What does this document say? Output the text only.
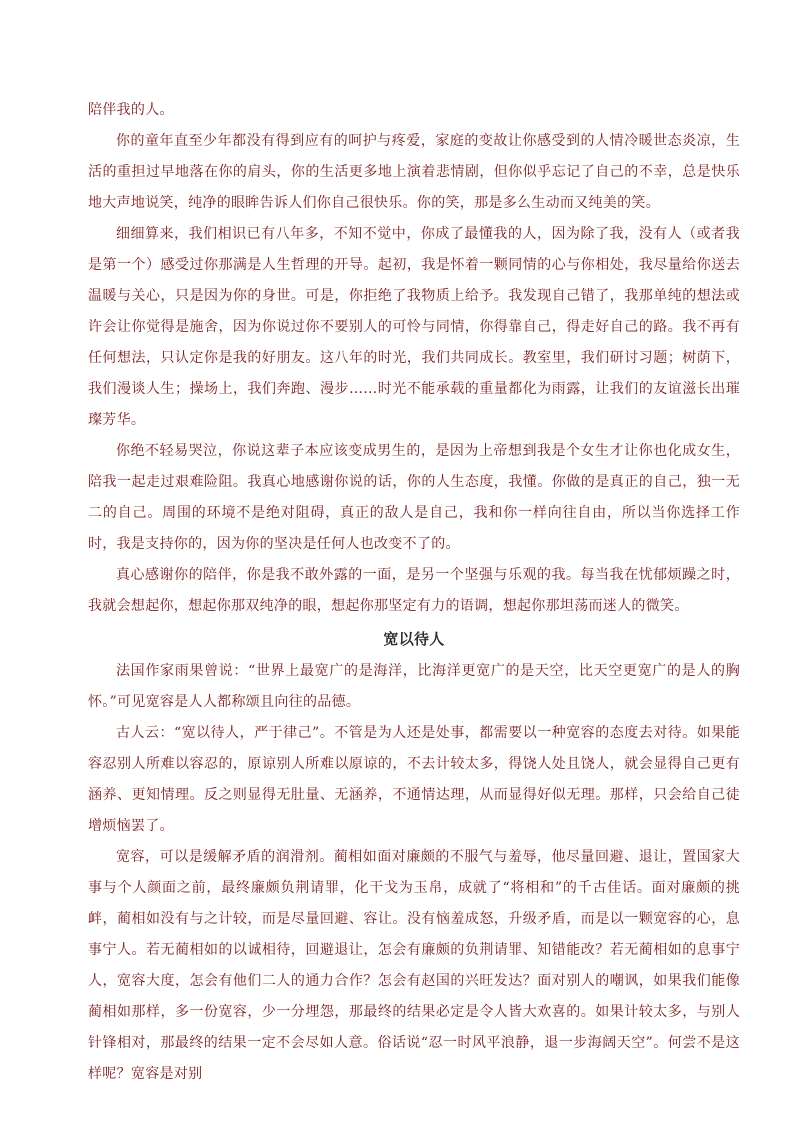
陪伴我的人。

你的童年直至少年都没有得到应有的呵护与疼爱，家庭的变故让你感受到的人情冷暖世态炎凉，生活的重担过早地落在你的肩头，你的生活更多地上演着悲情剧，但你似乎忘记了自己的不幸，总是快乐地大声地说笑，纯净的眼眸告诉人们你自己很快乐。你的笑，那是多么生动而又纯美的笑。

细细算来，我们相识已有八年多，不知不觉中，你成了最懂我的人，因为除了我，没有人（或者我是第一个）感受过你那满是人生哲理的开导。起初，我是怀着一颗同情的心与你相处，我尽量给你送去温暖与关心，只是因为你的身世。可是，你拒绝了我物质上给予。我发现自己错了，我那单纯的想法或许会让你觉得是施舍，因为你说过你不要别人的可怜与同情，你得靠自己，得走好自己的路。我不再有任何想法，只认定你是我的好朋友。这八年的时光，我们共同成长。教室里，我们研讨习题；树荫下，我们漫谈人生；操场上，我们奔跑、漫步……时光不能承载的重量都化为雨露，让我们的友谊滋长出璀璨芳华。

你绝不轻易哭泣，你说这辈子本应该变成男生的，是因为上帝想到我是个女生才让你也化成女生，陪我一起走过艰难险阻。我真心地感谢你说的话，你的人生态度，我懂。你做的是真正的自己，独一无二的自己。周围的环境不是绝对阻碍，真正的敌人是自己，我和你一样向往自由，所以当你选择工作时，我是支持你的，因为你的坚决是任何人也改变不了的。

真心感谢你的陪伴，你是我不敢外露的一面，是另一个坚强与乐观的我。每当我在忧郁烦躁之时，我就会想起你，想起你那双纯净的眼，想起你那坚定有力的语调，想起你那坦荡而迷人的微笑。

宽以待人

法国作家雨果曾说：“世界上最宽广的是海洋，比海洋更宽广的是天空，比天空更宽广的是人的胸怀。”可见宽容是人人都称颂且向往的品德。

古人云：“宽以待人，严于律己”。不管是为人还是处事，都需要以一种宽容的态度去对待。如果能容忍别人所难以容忍的，原谅别人所难以原谅的，不去计较太多，得饶人处且饶人，就会显得自己更有涵养、更知情理。反之则显得无肚量、无涵养，不通情达理，从而显得好似无理。那样，只会给自己徒增烦恼罢了。

宽容，可以是缓解矛盾的润滑剂。蔺相如面对廉颇的不服气与羞辱，他尽量回避、退让，置国家大事与个人颜面之前，最终廉颇负荆请罪，化干戈为玉帛，成就了“将相和”的千古佳话。面对廉颇的挑衅，蔺相如没有与之计较，而是尽量回避、容让。没有恼羞成怒，升级矛盾，而是以一颗宽容的心，息事宁人。若无蔺相如的以诚相待，回避退让，怎会有廉颇的负荆请罪、知错能改？若无蔺相如的息事宁人，宽容大度，怎会有他们二人的通力合作？怎会有赵国的兴旺发达？面对别人的嘲讽，如果我们能像蔺相如那样，多一份宽容，少一分埋怨，那最终的结果必定是令人皆大欢喜的。如果计较太多，与别人针锋相对，那最终的结果一定不会尽如人意。俗话说“忍一时风平浪静，退一步海阔天空”。何尝不是这样呢？宽容是对别
